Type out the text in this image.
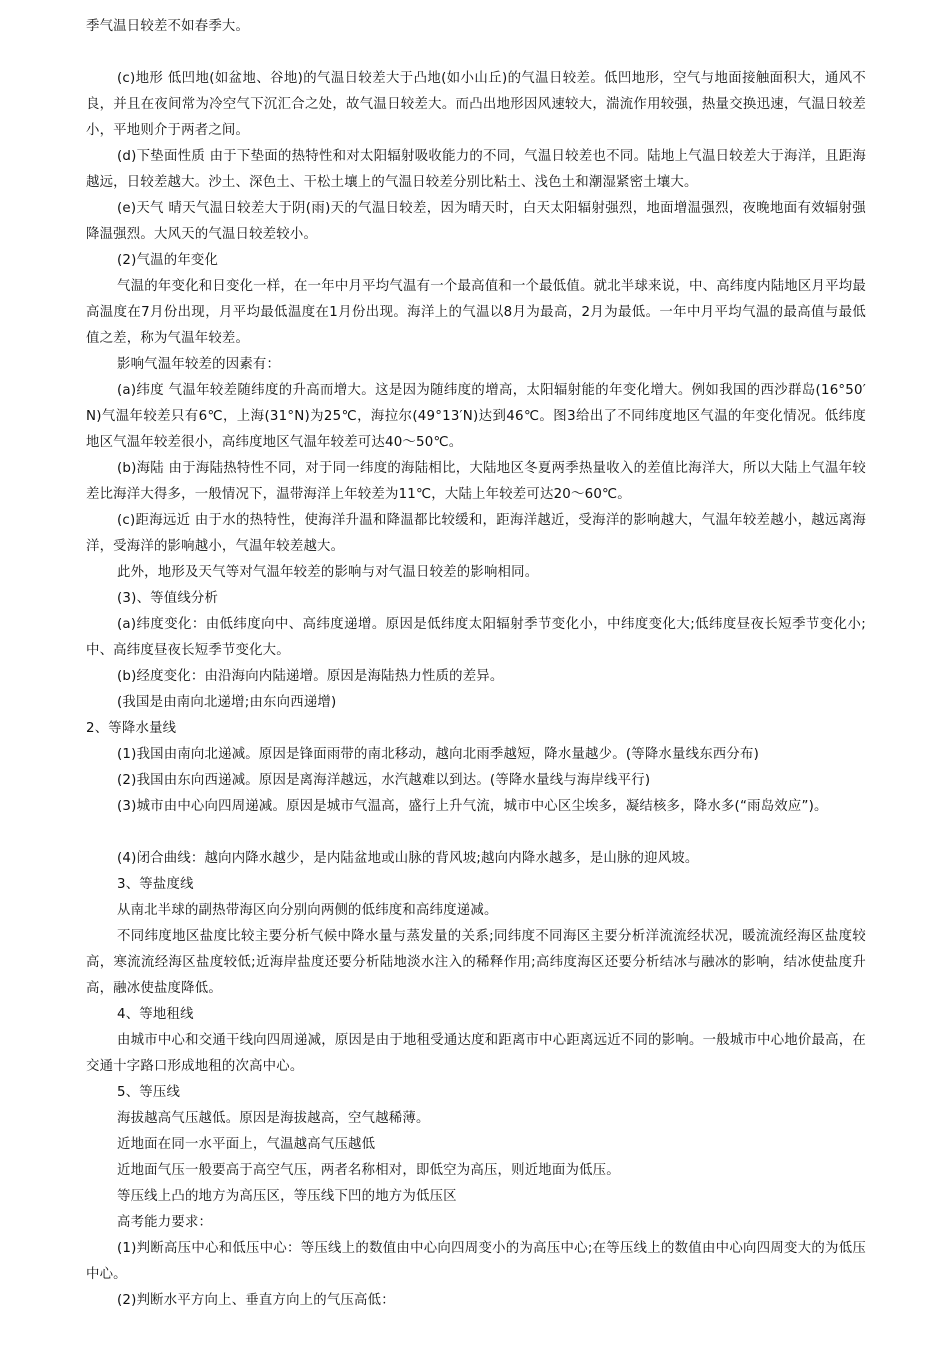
季气温日较差不如春季大。

(c)地形 低凹地(如盆地、谷地)的气温日较差大于凸地(如小山丘)的气温日较差。低凹地形，空气与地面接触面积大，通风不良，并且在夜间常为冷空气下沉汇合之处，故气温日较差大。而凸出地形因风速较大，湍流作用较强，热量交换迅速，气温日较差小，平地则介于两者之间。

(d)下垫面性质 由于下垫面的热特性和对太阳辐射吸收能力的不同，气温日较差也不同。陆地上气温日较差大于海洋，且距海越远，日较差越大。沙土、深色土、干松土壤上的气温日较差分别比粘土、浅色土和潮湿紧密土壤大。

(e)天气 晴天气温日较差大于阴(雨)天的气温日较差，因为晴天时，白天太阳辐射强烈，地面增温强烈，夜晚地面有效辐射强降温强烈。大风天的气温日较差较小。

(2)气温的年变化

气温的年变化和日变化一样，在一年中月平均气温有一个最高值和一个最低值。就北半球来说，中、高纬度内陆地区月平均最高温度在7月份出现，月平均最低温度在1月份出现。海洋上的气温以8月为最高，2月为最低。一年中月平均气温的最高值与最低值之差，称为气温年较差。

影响气温年较差的因素有：

(a)纬度 气温年较差随纬度的升高而增大。这是因为随纬度的增高，太阳辐射能的年变化增大。例如我国的西沙群岛(16°50′N)气温年较差只有6℃，上海(31°N)为25℃，海拉尔(49°13′N)达到46℃。图3给出了不同纬度地区气温的年变化情况。低纬度地区气温年较差很小，高纬度地区气温年较差可达40～50℃。

(b)海陆 由于海陆热特性不同，对于同一纬度的海陆相比，大陆地区冬夏两季热量收入的差值比海洋大，所以大陆上气温年较差比海洋大得多，一般情况下，温带海洋上年较差为11℃，大陆上年较差可达20～60℃。

(c)距海远近 由于水的热特性，使海洋升温和降温都比较缓和，距海洋越近，受海洋的影响越大，气温年较差越小，越远离海洋，受海洋的影响越小，气温年较差越大。

此外，地形及天气等对气温年较差的影响与对气温日较差的影响相同。

(3)、等值线分析

(a)纬度变化：由低纬度向中、高纬度递增。原因是低纬度太阳辐射季节变化小，中纬度变化大;低纬度昼夜长短季节变化小;中、高纬度昼夜长短季节变化大。

(b)经度变化：由沿海向内陆递增。原因是海陆热力性质的差异。

(我国是由南向北递增;由东向西递增)

2、等降水量线

(1)我国由南向北递减。原因是锋面雨带的南北移动，越向北雨季越短，降水量越少。(等降水量线东西分布)

(2)我国由东向西递减。原因是离海洋越远，水汽越难以到达。(等降水量线与海岸线平行)

(3)城市由中心向四周递减。原因是城市气温高，盛行上升气流，城市中心区尘埃多，凝结核多，降水多(“雨岛效应”)。

(4)闭合曲线：越向内降水越少，是内陆盆地或山脉的背风坡;越向内降水越多，是山脉的迎风坡。

3、等盐度线

从南北半球的副热带海区向分别向两侧的低纬度和高纬度递减。

不同纬度地区盐度比较主要分析气候中降水量与蒸发量的关系;同纬度不同海区主要分析洋流流经状况，暖流流经海区盐度较高，寒流流经海区盐度较低;近海岸盐度还要分析陆地淡水注入的稀释作用;高纬度海区还要分析结冰与融冰的影响，结冰使盐度升高，融冰使盐度降低。

4、等地租线

由城市中心和交通干线向四周递减，原因是由于地租受通达度和距离市中心距离远近不同的影响。一般城市中心地价最高，在交通十字路口形成地租的次高中心。

5、等压线

海拔越高气压越低。原因是海拔越高，空气越稀薄。

近地面在同一水平面上，气温越高气压越低

近地面气压一般要高于高空气压，两者名称相对，即低空为高压，则近地面为低压。

等压线上凸的地方为高压区，等压线下凹的地方为低压区

高考能力要求：

(1)判断高压中心和低压中心：等压线上的数值由中心向四周变小的为高压中心;在等压线上的数值由中心向四周变大的为低压中心。

(2)判断水平方向上、垂直方向上的气压高低：
